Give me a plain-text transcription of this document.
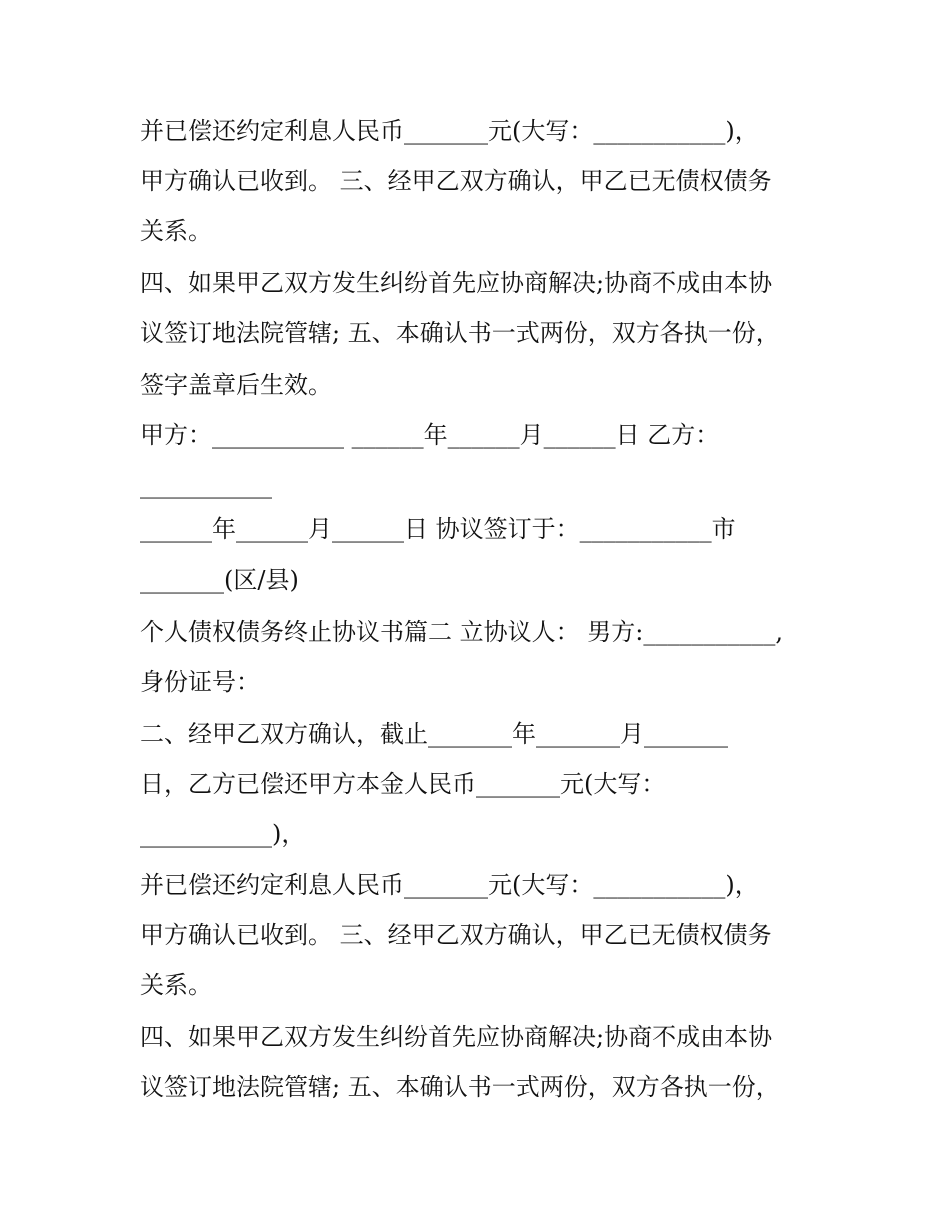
并已偿还约定利息人民币_______元(大写：___________)，
甲方确认已收到。 三、经甲乙双方确认，甲乙已无债权债务
关系。
四、如果甲乙双方发生纠纷首先应协商解决;协商不成由本协
议签订地法院管辖; 五、本确认书一式两份，双方各执一份，
签字盖章后生效。
甲方：___________ ______年______月______日 乙方：
___________
______年______月______日 协议签订于：___________市
_______(区/县)
个人债权债务终止协议书篇二 立协议人： 男方:___________,
身份证号：
二、经甲乙双方确认，截止_______年_______月_______
日，乙方已偿还甲方本金人民币_______元(大写：
___________)，
并已偿还约定利息人民币_______元(大写：___________)，
甲方确认已收到。 三、经甲乙双方确认，甲乙已无债权债务
关系。
四、如果甲乙双方发生纠纷首先应协商解决;协商不成由本协
议签订地法院管辖; 五、本确认书一式两份，双方各执一份，
